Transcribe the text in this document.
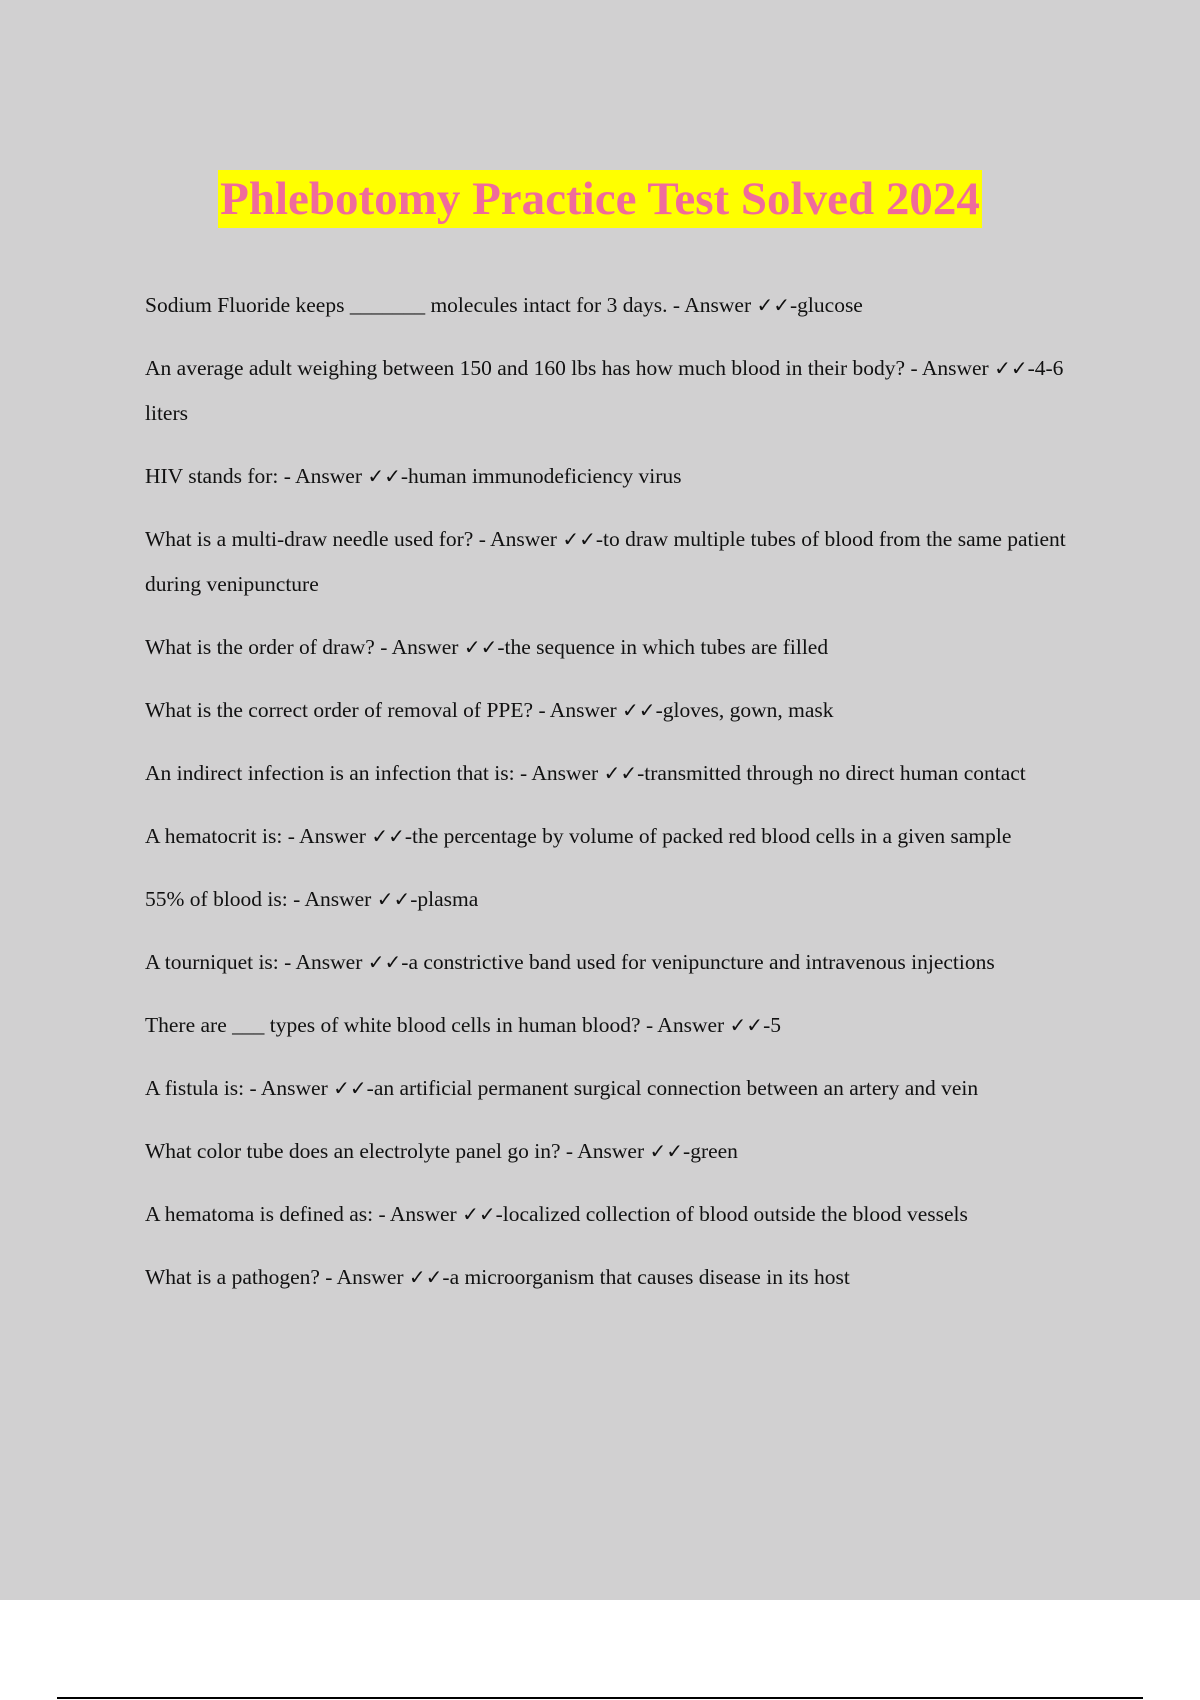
Phlebotomy Practice Test Solved 2024
Sodium Fluoride keeps _______ molecules intact for 3 days. - Answer ✓✓-glucose
An average adult weighing between 150 and 160 lbs has how much blood in their body? - Answer ✓✓-4-6 liters
HIV stands for: - Answer ✓✓-human immunodeficiency virus
What is a multi-draw needle used for? - Answer ✓✓-to draw multiple tubes of blood from the same patient during venipuncture
What is the order of draw? - Answer ✓✓-the sequence in which tubes are filled
What is the correct order of removal of PPE? - Answer ✓✓-gloves, gown, mask
An indirect infection is an infection that is: - Answer ✓✓-transmitted through no direct human contact
A hematocrit is: - Answer ✓✓-the percentage by volume of packed red blood cells in a given sample
55% of blood is: - Answer ✓✓-plasma
A tourniquet is: - Answer ✓✓-a constrictive band used for venipuncture and intravenous injections
There are ___ types of white blood cells in human blood? - Answer ✓✓-5
A fistula is: - Answer ✓✓-an artificial permanent surgical connection between an artery and vein
What color tube does an electrolyte panel go in? - Answer ✓✓-green
A hematoma is defined as: - Answer ✓✓-localized collection of blood outside the blood vessels
What is a pathogen? - Answer ✓✓-a microorganism that causes disease in its host
